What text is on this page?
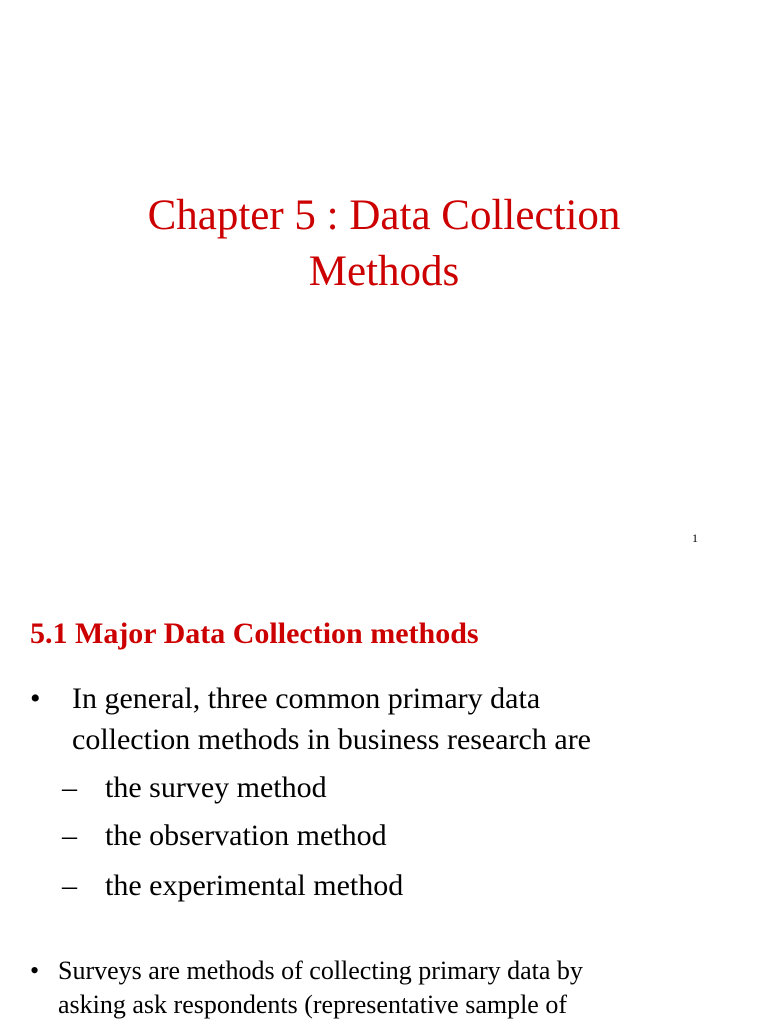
Chapter 5 : Data Collection
Methods
1
5.1 Major Data Collection methods
• In general, three common primary data
collection methods in business research are
– the survey method
– the observation method
– the experimental method
• Surveys are methods of collecting primary data by
asking ask respondents (representative sample of
